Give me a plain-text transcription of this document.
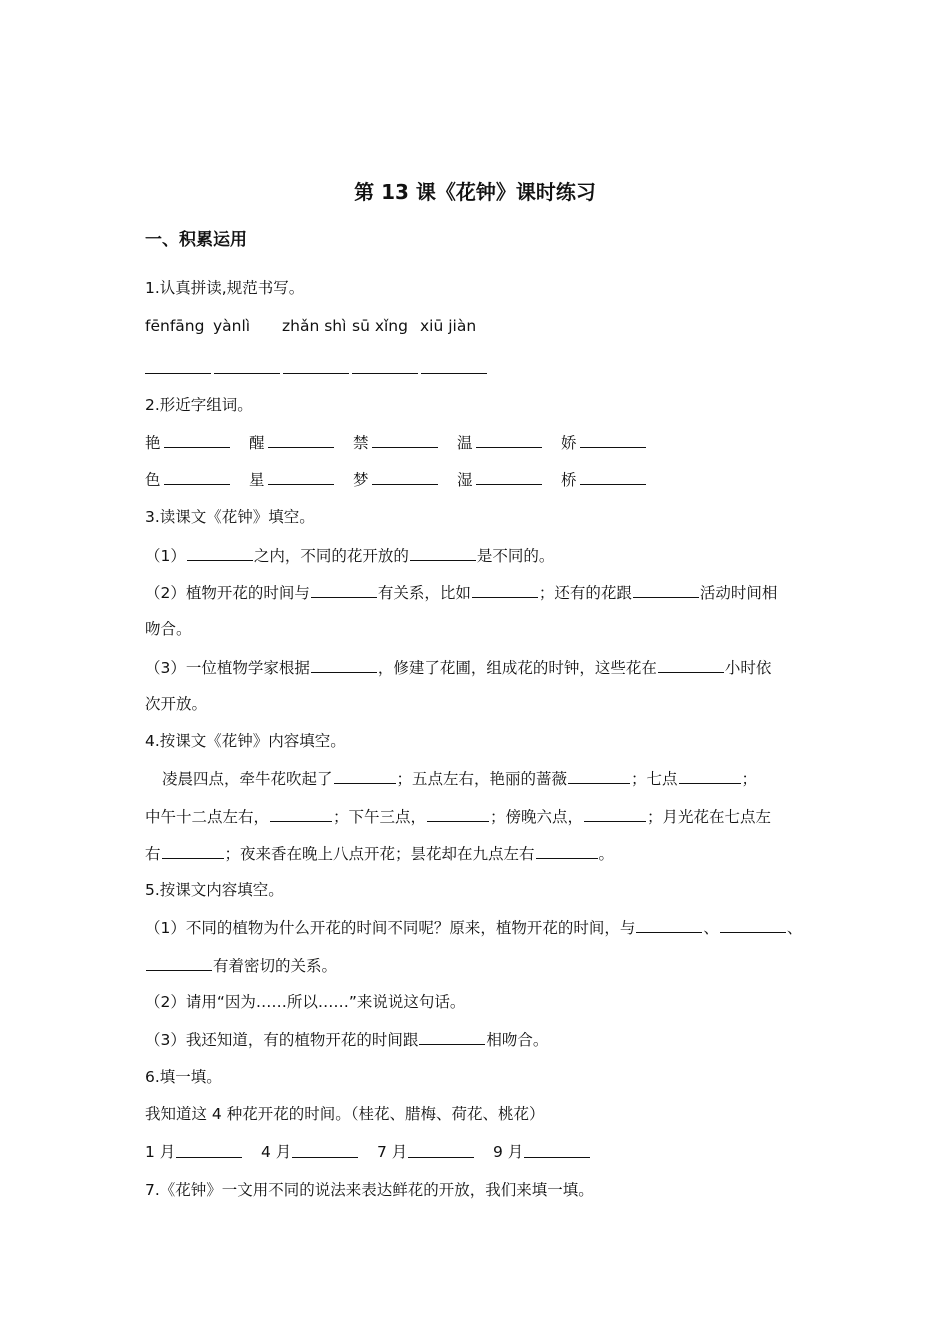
第 13 课《花钟》课时练习
一、积累运用
1.认真拼读,规范书写。
fēnfāng yànlì zhǎn shì sū xǐng xiū jiàn
2.形近字组词。
艳	醒	禁	温	娇
色	星	梦	湿	桥
3.读课文《花钟》填空。
（1）	之内，不同的花开放的	是不同的。
（2）植物开花的时间与	有关系，比如	；还有的花跟	活动时间相
吻合。
（3）一位植物学家根据	，修建了花圃，组成花的时钟，这些花在	小时依
次开放。
4.按课文《花钟》内容填空。
凌晨四点，牵牛花吹起了	；五点左右，艳丽的蔷薇	；七点	；
中午十二点左右，	；下午三点，	；傍晚六点，	；月光花在七点左
右	；夜来香在晚上八点开花；昙花却在九点左右	。
5.按课文内容填空。
（1）不同的植物为什么开花的时间不同呢？原来，植物开花的时间，与	、	、
有着密切的关系。
（2）请用“因为……所以……”来说说这句话。
（3）我还知道，有的植物开花的时间跟	相吻合。
6.填一填。
我知道这 4 种花开花的时间。（桂花、腊梅、荷花、桃花）
1 月	4 月	7 月	9 月
7.《花钟》一文用不同的说法来表达鲜花的开放，我们来填一填。
